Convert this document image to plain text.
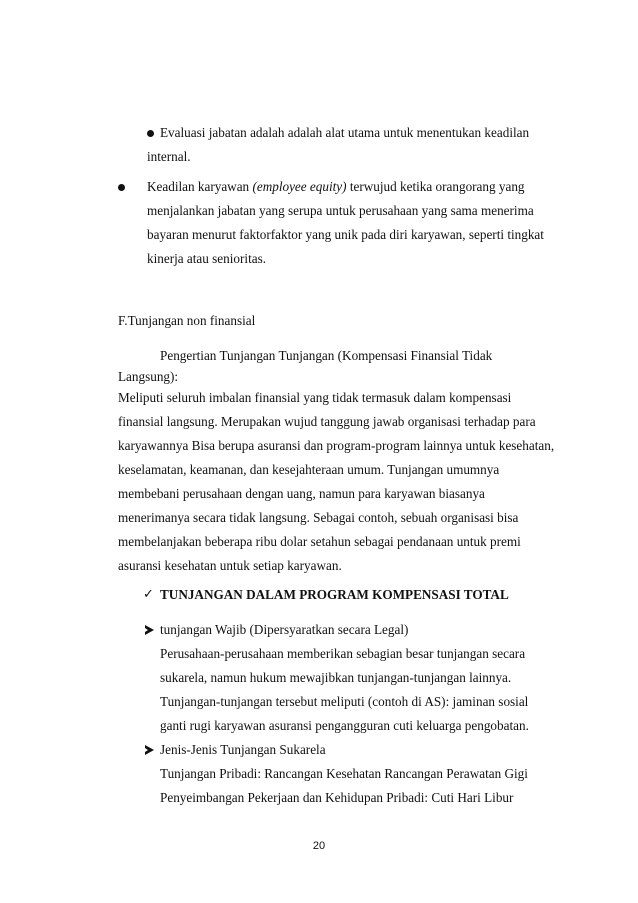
Evaluasi jabatan adalah adalah alat utama untuk menentukan keadilan
internal.
Keadilan karyawan (employee equity) terwujud ketika orangorang yang
menjalankan jabatan yang serupa untuk perusahaan yang sama menerima
bayaran menurut faktorfaktor yang unik pada diri karyawan, seperti tingkat
kinerja atau senioritas.
F.Tunjangan non finansial
Pengertian Tunjangan Tunjangan (Kompensasi Finansial Tidak
Langsung):
Meliputi seluruh imbalan finansial yang tidak termasuk dalam kompensasi
finansial langsung. Merupakan wujud tanggung jawab organisasi terhadap para
karyawannya Bisa berupa asuransi dan program-program lainnya untuk kesehatan,
keselamatan, keamanan, dan kesejahteraan umum. Tunjangan umumnya
membebani perusahaan dengan uang, namun para karyawan biasanya
menerimanya secara tidak langsung. Sebagai contoh, sebuah organisasi bisa
membelanjakan beberapa ribu dolar setahun sebagai pendanaan untuk premi
asuransi kesehatan untuk setiap karyawan.
✓ TUNJANGAN DALAM PROGRAM KOMPENSASI TOTAL
tunjangan Wajib (Dipersyaratkan secara Legal)
Perusahaan-perusahaan memberikan sebagian besar tunjangan secara
sukarela, namun hukum mewajibkan tunjangan-tunjangan lainnya.
Tunjangan-tunjangan tersebut meliputi (contoh di AS): jaminan sosial
ganti rugi karyawan asuransi pengangguran cuti keluarga pengobatan.
Jenis-Jenis Tunjangan Sukarela
Tunjangan Pribadi: Rancangan Kesehatan Rancangan Perawatan Gigi
Penyeimbangan Pekerjaan dan Kehidupan Pribadi: Cuti Hari Libur
20
